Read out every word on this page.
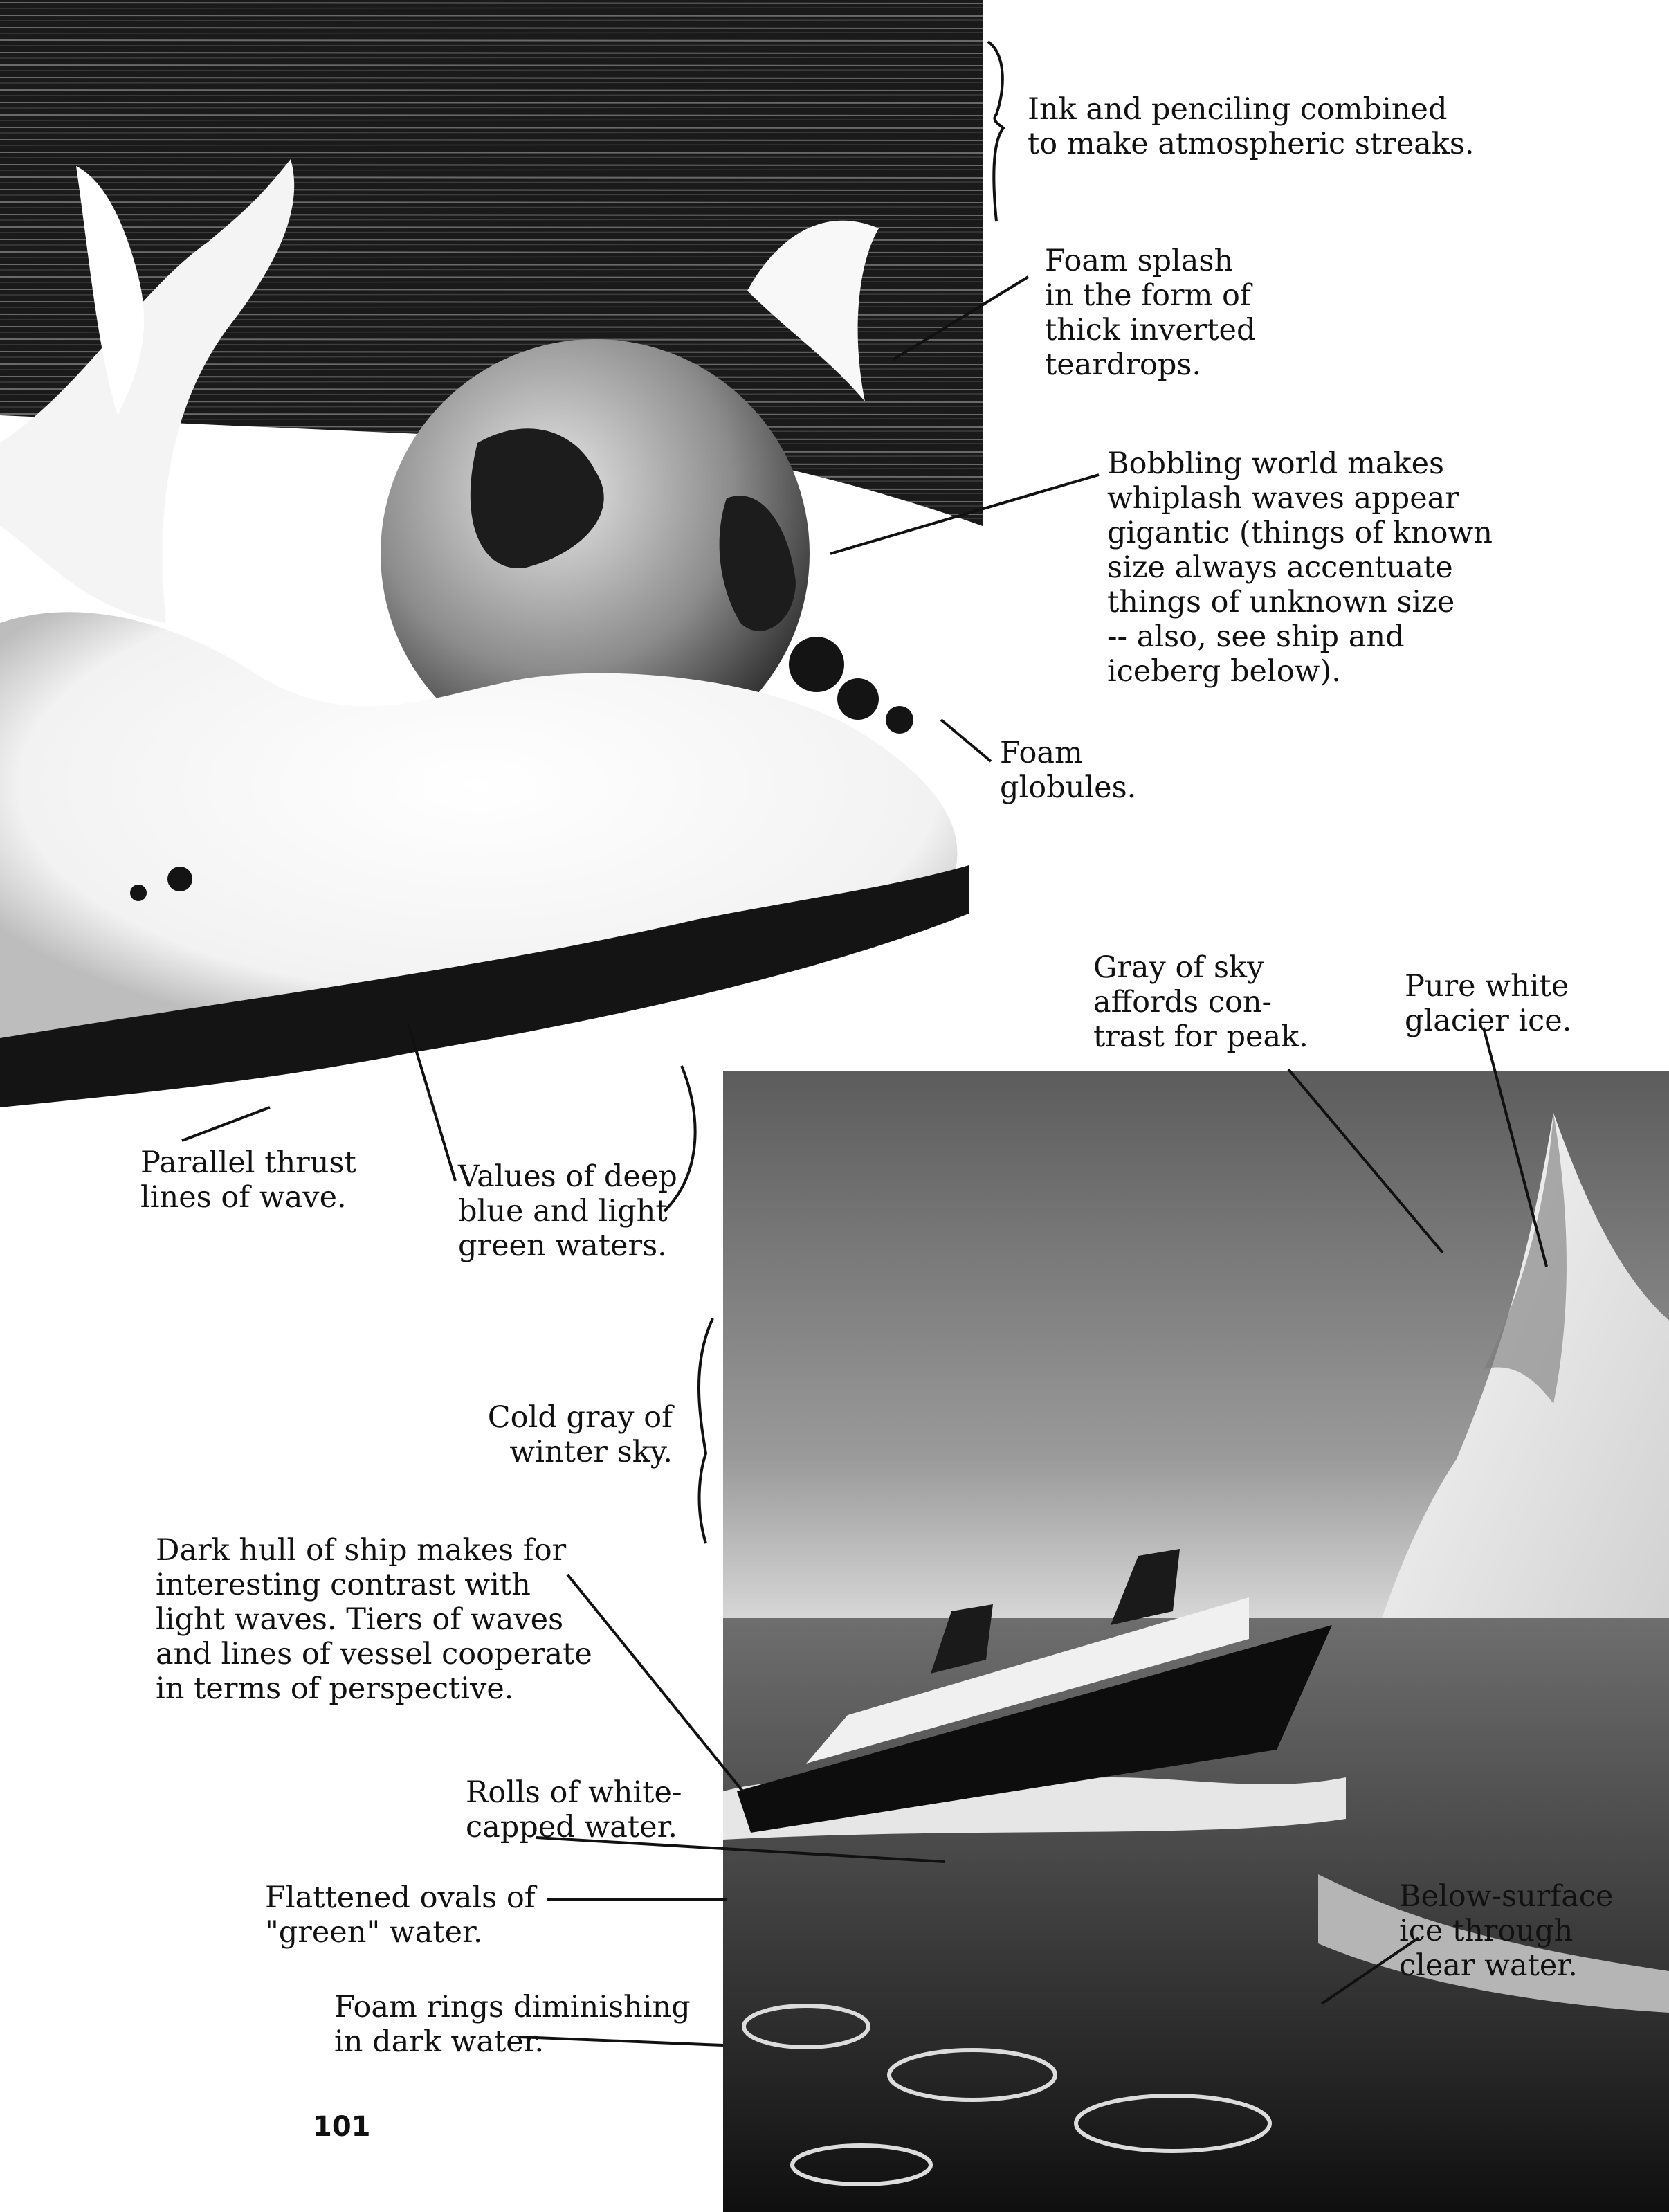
Ink and penciling combined
to make atmospheric streaks.

Foam splash
in the form of
thick inverted
teardrops.

Bobbling world makes
whiplash waves appear
gigantic (things of known
size always accentuate
things of unknown size
-- also, see ship and
iceberg below).

Foam
globules.

Gray of sky
affords con-
trast for peak.

Pure white
glacier ice.

Parallel thrust
lines of wave.

Values of deep
blue and light
green waters.

Cold gray of
winter sky.

Dark hull of ship makes for
interesting contrast with
light waves. Tiers of waves
and lines of vessel cooperate
in terms of perspective.

Rolls of white-
capped water.

Flattened ovals of
"green" water.

Below-surface
ice through
clear water.

Foam rings diminishing
in dark water.

101
